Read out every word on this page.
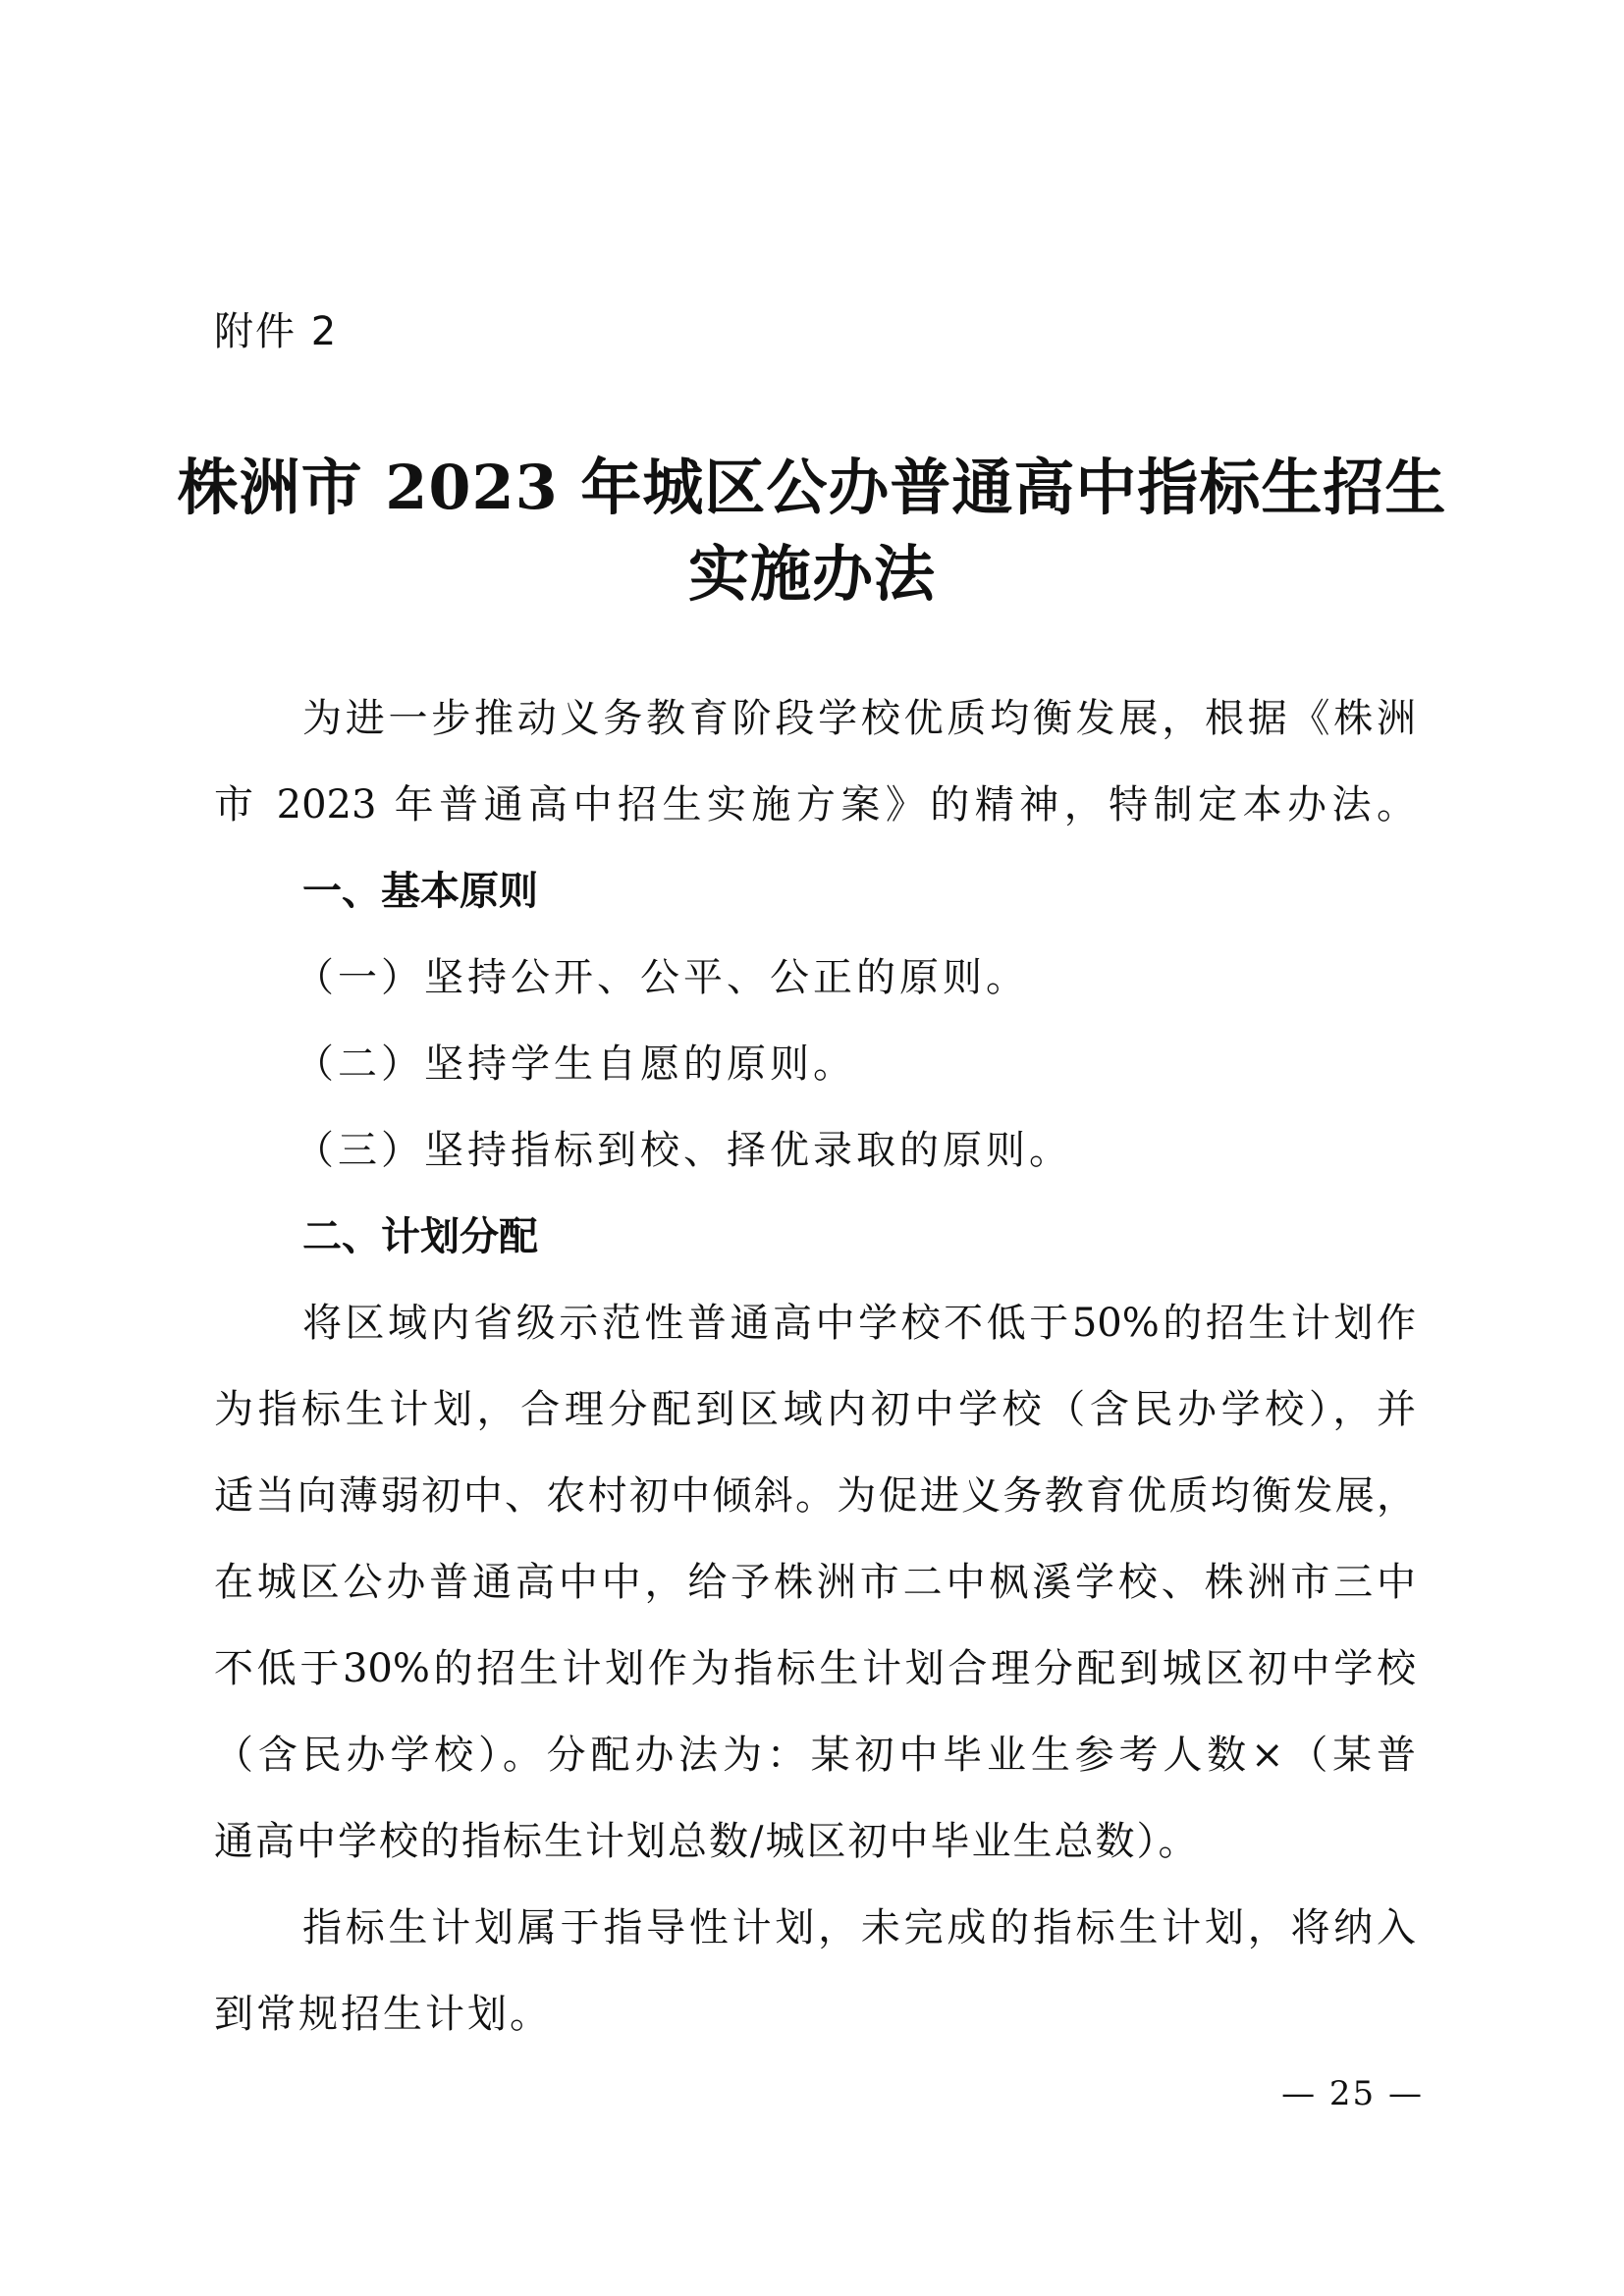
附件 2
株洲市 2023 年城区公办普通高中指标生招生
实施办法
为进一步推动义务教育阶段学校优质均衡发展，根据《株洲
市 2023 年普通高中招生实施方案》的精神，特制定本办法。
一、基本原则
（一）坚持公开、公平、公正的原则。
（二）坚持学生自愿的原则。
（三）坚持指标到校、择优录取的原则。
二、计划分配
将区域内省级示范性普通高中学校不低于50%的招生计划作
为指标生计划，合理分配到区域内初中学校（含民办学校），并
适当向薄弱初中、农村初中倾斜。为促进义务教育优质均衡发展，
在城区公办普通高中中，给予株洲市二中枫溪学校、株洲市三中
不低于30%的招生计划作为指标生计划合理分配到城区初中学校
（含民办学校）。分配办法为：某初中毕业生参考人数×（某普
通高中学校的指标生计划总数/城区初中毕业生总数）。
指标生计划属于指导性计划，未完成的指标生计划，将纳入
到常规招生计划。
— 25 —
